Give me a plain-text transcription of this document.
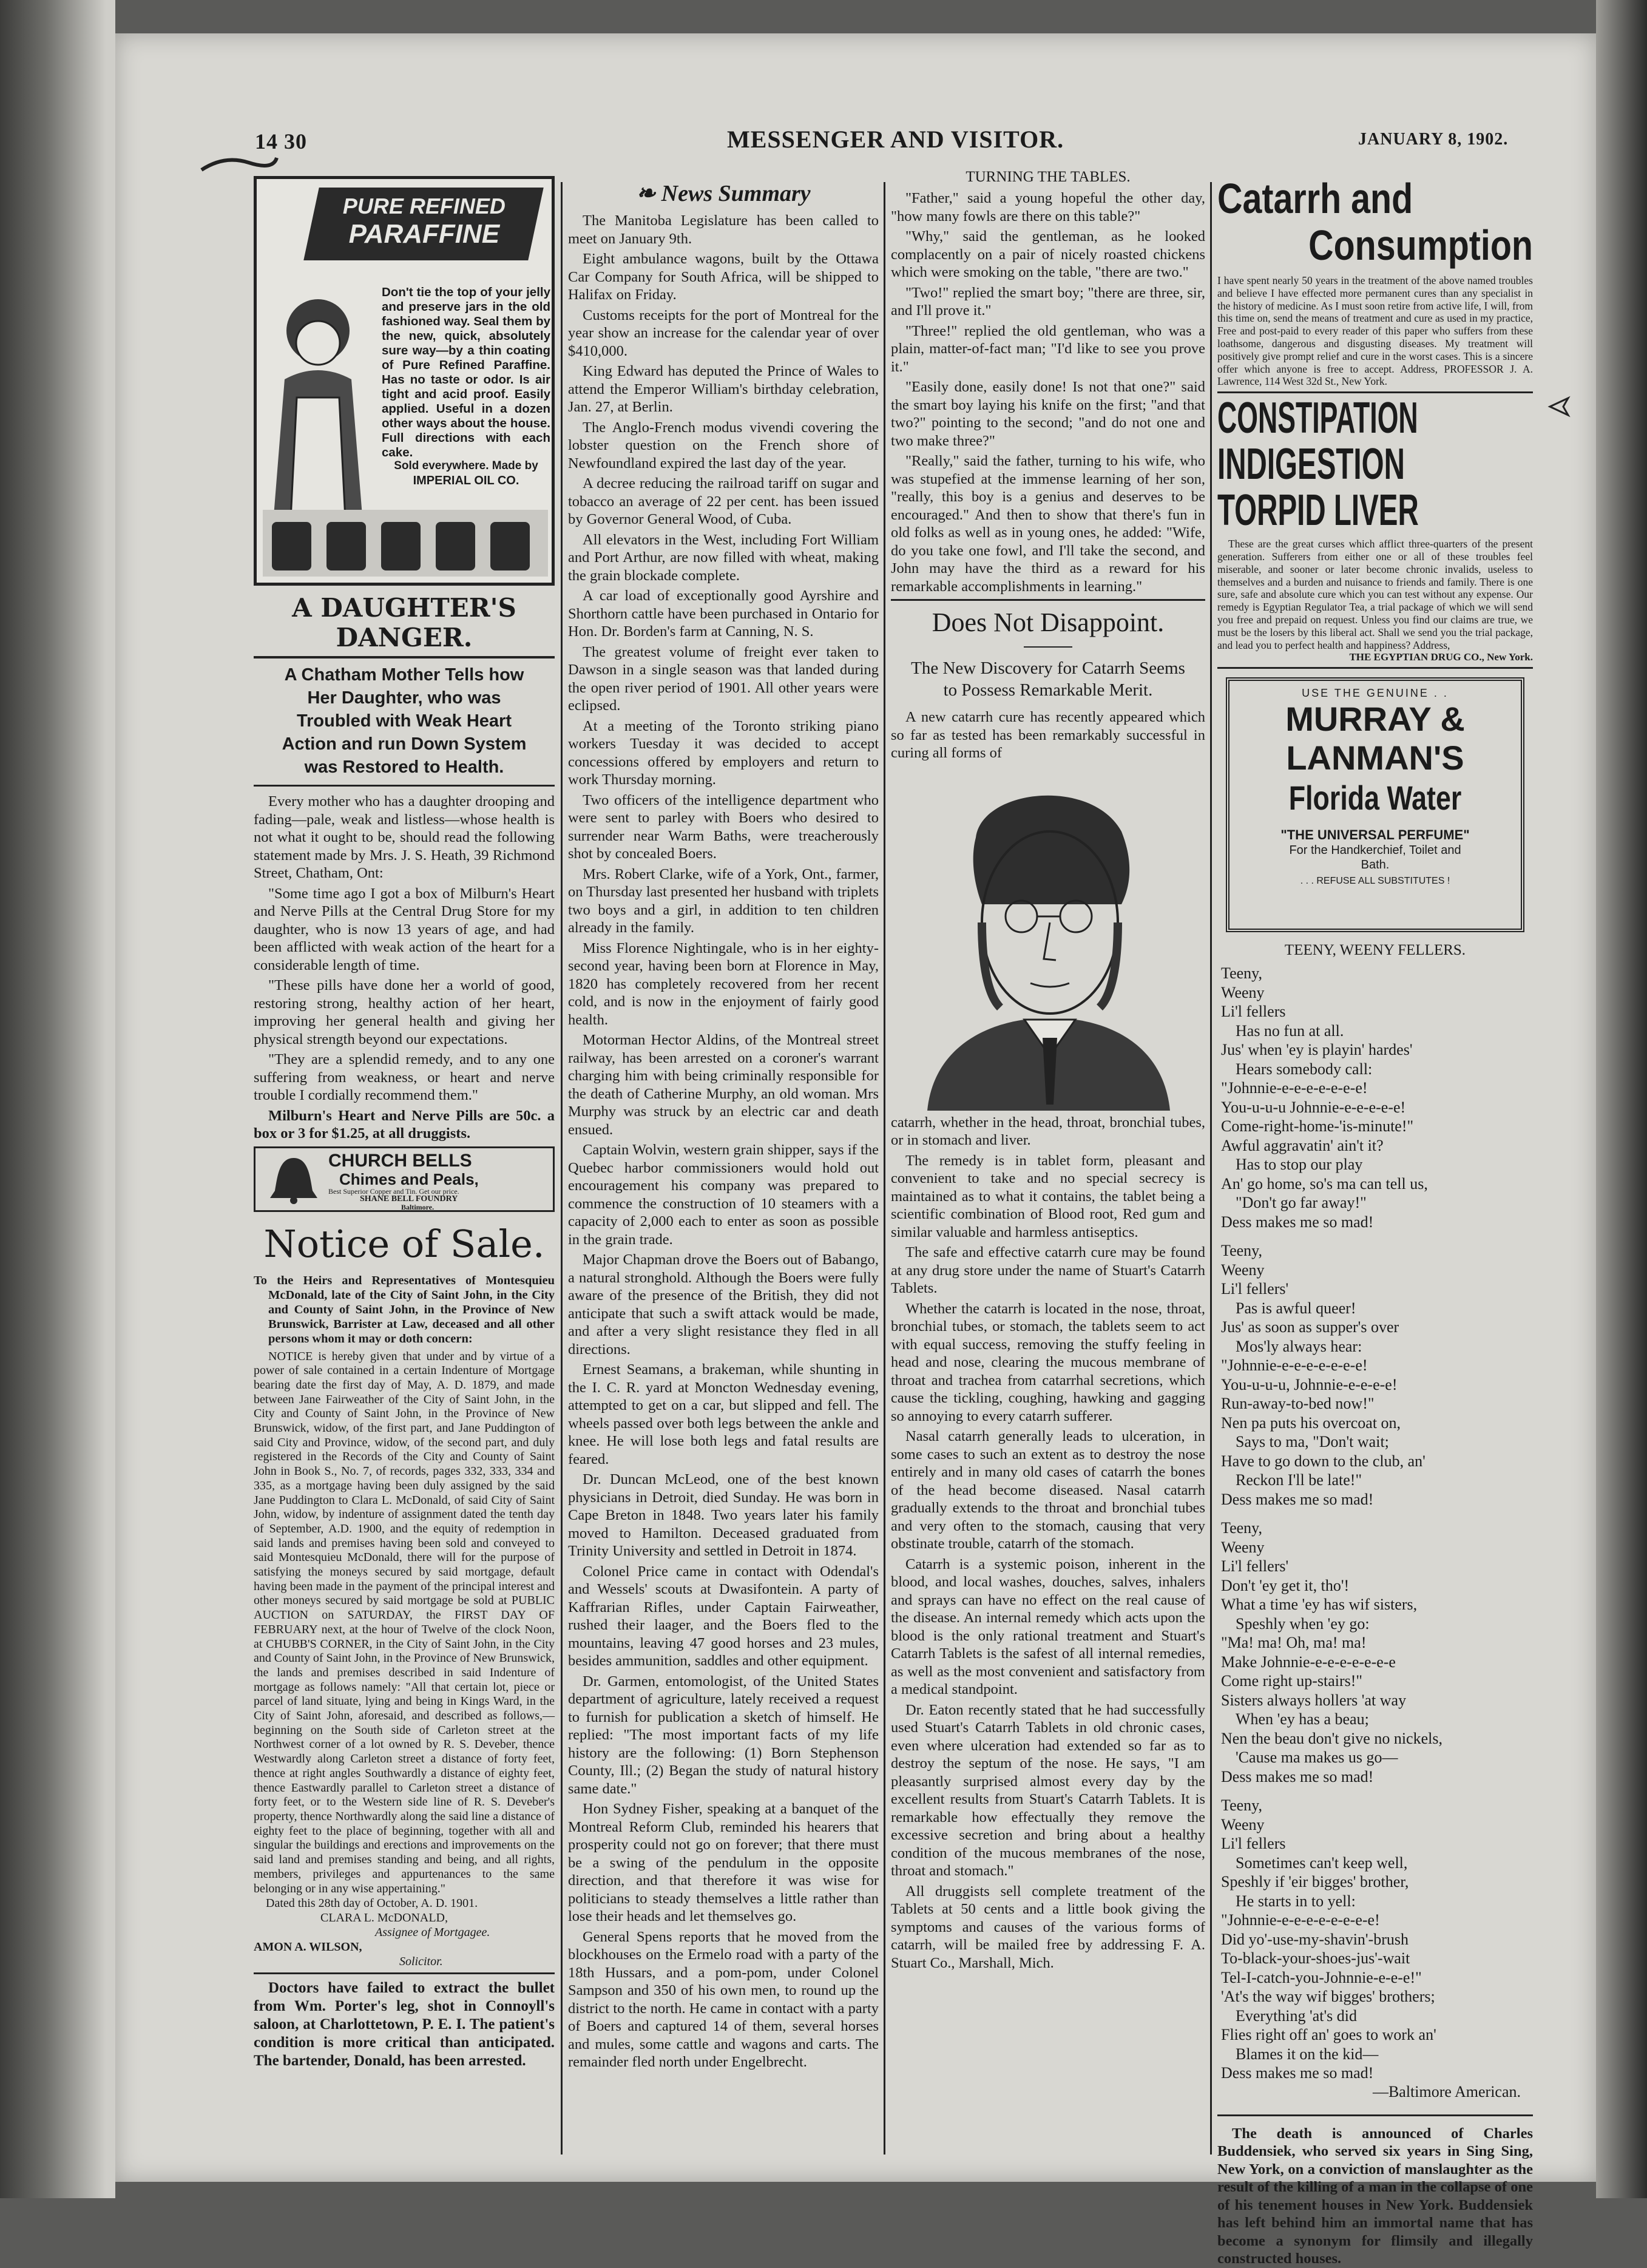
14 30	MESSENGER AND VISITOR.	JANUARY 8, 1902.
PURE REFINED
PARAFFINE
Don't tie the top of your jelly and preserve jars in the old fashioned way. Seal them by the new, quick, absolutely sure way—by a thin coating of Pure Refined Paraffine. Has no taste or odor. Is air tight and acid proof. Easily applied. Useful in a dozen other ways about the house. Full directions with each cake.
Sold everywhere. Made by
IMPERIAL OIL CO.
A DAUGHTER'S DANGER.
A Chatham Mother Tells how Her Daughter, who was Troubled with Weak Heart Action and run Down System was Restored to Health.

Every mother who has a daughter drooping and fading—pale, weak and listless—whose health is not what it ought to be, should read the following statement made by Mrs. J. S. Heath, 39 Richmond Street, Chatham, Ont:

"Some time ago I got a box of Milburn's Heart and Nerve Pills at the Central Drug Store for my daughter, who is now 13 years of age, and had been afflicted with weak action of the heart for a considerable length of time.

"These pills have done her a world of good, restoring strong, healthy action of her heart, improving her general health and giving her physical strength beyond our expectations.

"They are a splendid remedy, and to any one suffering from weakness, or heart and nerve trouble I cordially recommend them."

Milburn's Heart and Nerve Pills are 50c. a box or 3 for $1.25, at all druggists.

CHURCH BELLS
Chimes and Peals,
Best Superior Copper and Tin. Get our price.
SHANE BELL FOUNDRY
Baltimore.
Notice of Sale.
To the Heirs and Representatives of Montesquieu McDonald, late of the City of Saint John, in the City and County of Saint John, in the Province of New Brunswick, Barrister at Law, deceased and all other persons whom it may or doth concern:
NOTICE is hereby given that under and by virtue of a power of sale contained in a certain Indenture of Mortgage bearing date the first day of May, A. D. 1879, and made between Jane Fairweather of the City of Saint John, in the City and County of Saint John, in the Province of New Brunswick, widow, of the first part, and Jane Puddington of said City and Province, widow, of the second part, and duly registered in the Records of the City and County of Saint John in Book S., No. 7, of records, pages 332, 333, 334 and 335, as a mortgage having been duly assigned by the said Jane Puddington to Clara L. McDonald, of said City of Saint John, widow, by indenture of assignment dated the tenth day of September, A.D. 1900, and the equity of redemption in said lands and premises having been sold and conveyed to said Montesquieu McDonald, there will for the purpose of satisfying the moneys secured by said mortgage, default having been made in the payment of the principal interest and other moneys secured by said mortgage be sold at PUBLIC AUCTION on SATURDAY, the FIRST DAY OF FEBRUARY next, at the hour of Twelve of the clock Noon, at CHUBB'S CORNER, in the City of Saint John, in the City and County of Saint John, in the Province of New Brunswick, the lands and premises described in said Indenture of mortgage as follows namely: "All that certain lot, piece or parcel of land situate, lying and being in Kings Ward, in the City of Saint John, aforesaid, and described as follows,—beginning on the South side of Carleton street at the Northwest corner of a lot owned by R. S. Deveber, thence Westwardly along Carleton street a distance of forty feet, thence at right angles Southwardly a distance of eighty feet, thence Eastwardly parallel to Carleton street a distance of forty feet, or to the Western side line of R. S. Deveber's property, thence Northwardly along the said line a distance of eighty feet to the place of beginning, together with all and singular the buildings and erections and improvements on the said land and premises standing and being, and all rights, members, privileges and appurtenances to the same belonging or in any wise appertaining."
Dated this 28th day of October, A. D. 1901.
CLARA L. McDONALD,
Assignee of Mortgagee.
AMON A. WILSON,
Solicitor.

Doctors have failed to extract the bullet from Wm. Porter's leg, shot in Connoyll's saloon, at Charlottetown, P. E. I. The patient's condition is more critical than anticipated. The bartender, Donald, has been arrested.

❧ News Summary

The Manitoba Legislature has been called to meet on January 9th.

Eight ambulance wagons, built by the Ottawa Car Company for South Africa, will be shipped to Halifax on Friday.

Customs receipts for the port of Montreal for the year show an increase for the calendar year of over $410,000.

King Edward has deputed the Prince of Wales to attend the Emperor William's birthday celebration, Jan. 27, at Berlin.

The Anglo-French modus vivendi covering the lobster question on the French shore of Newfoundland expired the last day of the year.

A decree reducing the railroad tariff on sugar and tobacco an average of 22 per cent. has been issued by Governor General Wood, of Cuba.

All elevators in the West, including Fort William and Port Arthur, are now filled with wheat, making the grain blockade complete.

A car load of exceptionally good Ayrshire and Shorthorn cattle have been purchased in Ontario for Hon. Dr. Borden's farm at Canning, N. S.

The greatest volume of freight ever taken to Dawson in a single season was that landed during the open river period of 1901. All other years were eclipsed.

At a meeting of the Toronto striking piano workers Tuesday it was decided to accept concessions offered by employers and return to work Thursday morning.

Two officers of the intelligence department who were sent to parley with Boers who desired to surrender near Warm Baths, were treacherously shot by concealed Boers.

Mrs. Robert Clarke, wife of a York, Ont., farmer, on Thursday last presented her husband with triplets two boys and a girl, in addition to ten children already in the family.

Miss Florence Nightingale, who is in her eighty-second year, having been born at Florence in May, 1820 has completely recovered from her recent cold, and is now in the enjoyment of fairly good health.

Motorman Hector Aldins, of the Montreal street railway, has been arrested on a coroner's warrant charging him with being criminally responsible for the death of Catherine Murphy, an old woman. Mrs Murphy was struck by an electric car and death ensued.

Captain Wolvin, western grain shipper, says if the Quebec harbor commissioners would hold out encouragement his company was prepared to commence the construction of 10 steamers with a capacity of 2,000 each to enter as soon as possible in the grain trade.

Major Chapman drove the Boers out of Babango, a natural stronghold. Although the Boers were fully aware of the presence of the British, they did not anticipate that such a swift attack would be made, and after a very slight resistance they fled in all directions.

Ernest Seamans, a brakeman, while shunting in the I. C. R. yard at Moncton Wednesday evening, attempted to get on a car, but slipped and fell. The wheels passed over both legs between the ankle and knee. He will lose both legs and fatal results are feared.

Dr. Duncan McLeod, one of the best known physicians in Detroit, died Sunday. He was born in Cape Breton in 1848. Two years later his family moved to Hamilton. Deceased graduated from Trinity University and settled in Detroit in 1874.

Colonel Price came in contact with Odendal's and Wessels' scouts at Dwasifontein. A party of Kaffrarian Rifles, under Captain Fairweather, rushed their laager, and the Boers fled to the mountains, leaving 47 good horses and 23 mules, besides ammunition, saddles and other equipment.

Dr. Garmen, entomologist, of the United States department of agriculture, lately received a request to furnish for publication a sketch of himself. He replied: "The most important facts of my life history are the following: (1) Born Stephenson County, Ill.; (2) Began the study of natural history same date."

Hon Sydney Fisher, speaking at a banquet of the Montreal Reform Club, reminded his hearers that prosperity could not go on forever; that there must be a swing of the pendulum in the opposite direction, and that therefore it was wise for politicians to steady themselves a little rather than lose their heads and let themselves go.

General Spens reports that he moved from the blockhouses on the Ermelo road with a party of the 18th Hussars, and a pom-pom, under Colonel Sampson and 350 of his own men, to round up the district to the north. He came in contact with a party of Boers and captured 14 of them, several horses and mules, some cattle and wagons and carts. The remainder fled north under Engelbrecht.

TURNING THE TABLES.

"Father," said a young hopeful the other day, "how many fowls are there on this table?"

"Why," said the gentleman, as he looked complacently on a pair of nicely roasted chickens which were smoking on the table, "there are two."

"Two!" replied the smart boy; "there are three, sir, and I'll prove it."

"Three!" replied the old gentleman, who was a plain, matter-of-fact man; "I'd like to see you prove it."

"Easily done, easily done! Is not that one?" said the smart boy laying his knife on the first; "and that two?" pointing to the second; "and do not one and two make three?"

"Really," said the father, turning to his wife, who was stupefied at the immense learning of her son, "really, this boy is a genius and deserves to be encouraged." And then to show that there's fun in old folks as well as in young ones, he added: "Wife, do you take one fowl, and I'll take the second, and John may have the third as a reward for his remarkable accomplishments in learning."

Does Not Disappoint.
The New Discovery for Catarrh Seems to Possess Remarkable Merit.

A new catarrh cure has recently appeared which so far as tested has been remarkably successful in curing all forms of

catarrh, whether in the head, throat, bronchial tubes, or in stomach and liver.

The remedy is in tablet form, pleasant and convenient to take and no special secrecy is maintained as to what it contains, the tablet being a scientific combination of Blood root, Red gum and similar valuable and harmless antiseptics.

The safe and effective catarrh cure may be found at any drug store under the name of Stuart's Catarrh Tablets.

Whether the catarrh is located in the nose, throat, bronchial tubes, or stomach, the tablets seem to act with equal success, removing the stuffy feeling in head and nose, clearing the mucous membrane of throat and trachea from catarrhal secretions, which cause the tickling, coughing, hawking and gagging so annoying to every catarrh sufferer.

Nasal catarrh generally leads to ulceration, in some cases to such an extent as to destroy the nose entirely and in many old cases of catarrh the bones of the head become diseased. Nasal catarrh gradually extends to the throat and bronchial tubes and very often to the stomach, causing that very obstinate trouble, catarrh of the stomach.

Catarrh is a systemic poison, inherent in the blood, and local washes, douches, salves, inhalers and sprays can have no effect on the real cause of the disease. An internal remedy which acts upon the blood is the only rational treatment and Stuart's Catarrh Tablets is the safest of all internal remedies, as well as the most convenient and satisfactory from a medical standpoint.

Dr. Eaton recently stated that he had successfully used Stuart's Catarrh Tablets in old chronic cases, even where ulceration had extended so far as to destroy the septum of the nose. He says, "I am pleasantly surprised almost every day by the excellent results from Stuart's Catarrh Tablets. It is remarkable how effectually they remove the excessive secretion and bring about a healthy condition of the mucous membranes of the nose, throat and stomach."

All druggists sell complete treatment of the Tablets at 50 cents and a little book giving the symptoms and causes of the various forms of catarrh, will be mailed free by addressing F. A. Stuart Co., Marshall, Mich.

Catarrh and
Consumption
I have spent nearly 50 years in the treatment of the above named troubles and believe I have effected more permanent cures than any specialist in the history of medicine. As I must soon retire from active life, I will, from this time on, send the means of treatment and cure as used in my practice, Free and post-paid to every reader of this paper who suffers from these loathsome, dangerous and disgusting diseases. My treatment will positively give prompt relief and cure in the worst cases. This is a sincere offer which anyone is free to accept. Address, PROFESSOR J. A. Lawrence, 114 West 32d St., New York.
CONSTIPATION
INDIGESTION
TORPID LIVER
These are the great curses which afflict three-quarters of the present generation. Sufferers from either one or all of these troubles feel miserable, and sooner or later become chronic invalids, useless to themselves and a burden and nuisance to friends and family. There is one sure, safe and absolute cure which you can test without any expense. Our remedy is Egyptian Regulator Tea, a trial package of which we will send you free and prepaid on request. Unless you find our claims are true, we must be the losers by this liberal act. Shall we send you the trial package, and lead you to perfect health and happiness? Address,
THE EGYPTIAN DRUG CO., New York.
USE THE GENUINE . .
MURRAY &
LANMAN'S
Florida Water
"THE UNIVERSAL PERFUME"
For the Handkerchief, Toilet and Bath.
. . . REFUSE ALL SUBSTITUTES !
TEENY, WEENY FELLERS.
Teeny,
Weeny
Li'l fellers
Has no fun at all.
Jus' when 'ey is playin' hardes'
Hears somebody call:
"Johnnie-e-e-e-e-e-e-e!
You-u-u-u Johnnie-e-e-e-e-e!
Come-right-home-'is-minute!"
Awful aggravatin' ain't it?
Has to stop our play
An' go home, so's ma can tell us,
"Don't go far away!"
Dess makes me so mad!
Teeny,
Weeny
Li'l fellers'
Pas is awful queer!
Jus' as soon as supper's over
Mos'ly always hear:
"Johnnie-e-e-e-e-e-e-e!
You-u-u-u, Johnnie-e-e-e-e!
Run-away-to-bed now!"
Nen pa puts his overcoat on,
Says to ma, "Don't wait;
Have to go down to the club, an'
Reckon I'll be late!"
Dess makes me so mad!
Teeny,
Weeny
Li'l fellers'
Don't 'ey get it, tho'!
What a time 'ey has wif sisters,
Speshly when 'ey go:
"Ma! ma! Oh, ma! ma!
Make Johnnie-e-e-e-e-e-e-e
Come right up-stairs!"
Sisters always hollers 'at way
When 'ey has a beau;
Nen the beau don't give no nickels,
'Cause ma makes us go—
Dess makes me so mad!
Teeny,
Weeny
Li'l fellers
Sometimes can't keep well,
Speshly if 'eir bigges' brother,
He starts in to yell:
"Johnnie-e-e-e-e-e-e-e-e!
Did yo'-use-my-shavin'-brush
To-black-your-shoes-jus'-wait
Tel-I-catch-you-Johnnie-e-e-e!"
'At's the way wif bigges' brothers;
Everything 'at's did
Flies right off an' goes to work an'
Blames it on the kid—
Dess makes me so mad!
—Baltimore American.

The death is announced of Charles Buddensiek, who served six years in Sing Sing, New York, on a conviction of manslaughter as the result of the killing of a man in the collapse of one of his tenement houses in New York. Buddensiek has left behind him an immortal name that has become a synonym for flimsily and illegally constructed houses.
